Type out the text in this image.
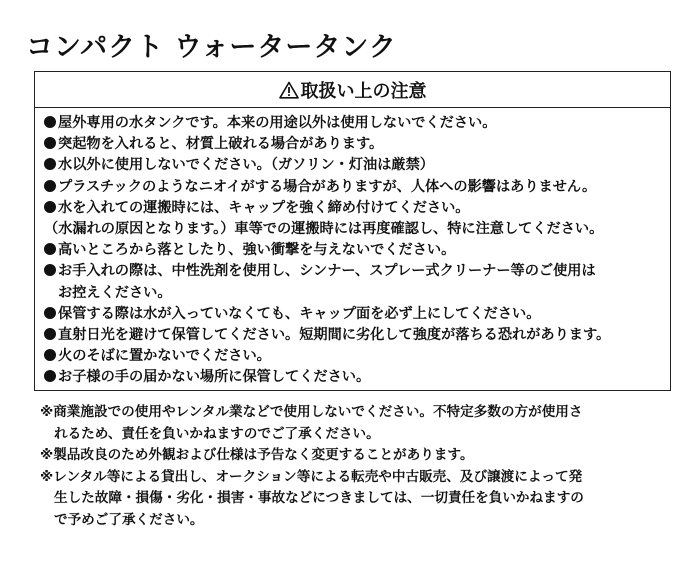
コンパクト ウォータータンク
取扱い上の注意
屋外専用の水タンクです。本来の用途以外は使用しないでください。
突起物を入れると、材質上破れる場合があります。
水以外に使用しないでください。（ガソリン・灯油は厳禁）
プラスチックのようなニオイがする場合がありますが、人体への影響はありません。
水を入れての運搬時には、キャップを強く締め付けてください。
（水漏れの原因となります。）車等での運搬時には再度確認し、特に注意してください。
高いところから落としたり、強い衝撃を与えないでください。
お手入れの際は、中性洗剤を使用し、シンナー、スプレー式クリーナー等のご使用は
お控えください。
保管する際は水が入っていなくても、キャップ面を必ず上にしてください。
直射日光を避けて保管してください。短期間に劣化して強度が落ちる恐れがあります。
火のそばに置かないでください。
お子様の手の届かない場所に保管してください。

※商業施設での使用やレンタル業などで使用しないでください。不特定多数の方が使用さ

れるため、責任を負いかねますのでご了承ください。

※製品改良のため外観および仕様は予告なく変更することがあります。

※レンタル等による貸出し、オークション等による転売や中古販売、及び譲渡によって発

生した故障・損傷・劣化・損害・事故などにつきましては、一切責任を負いかねますの

で予めご了承ください。
